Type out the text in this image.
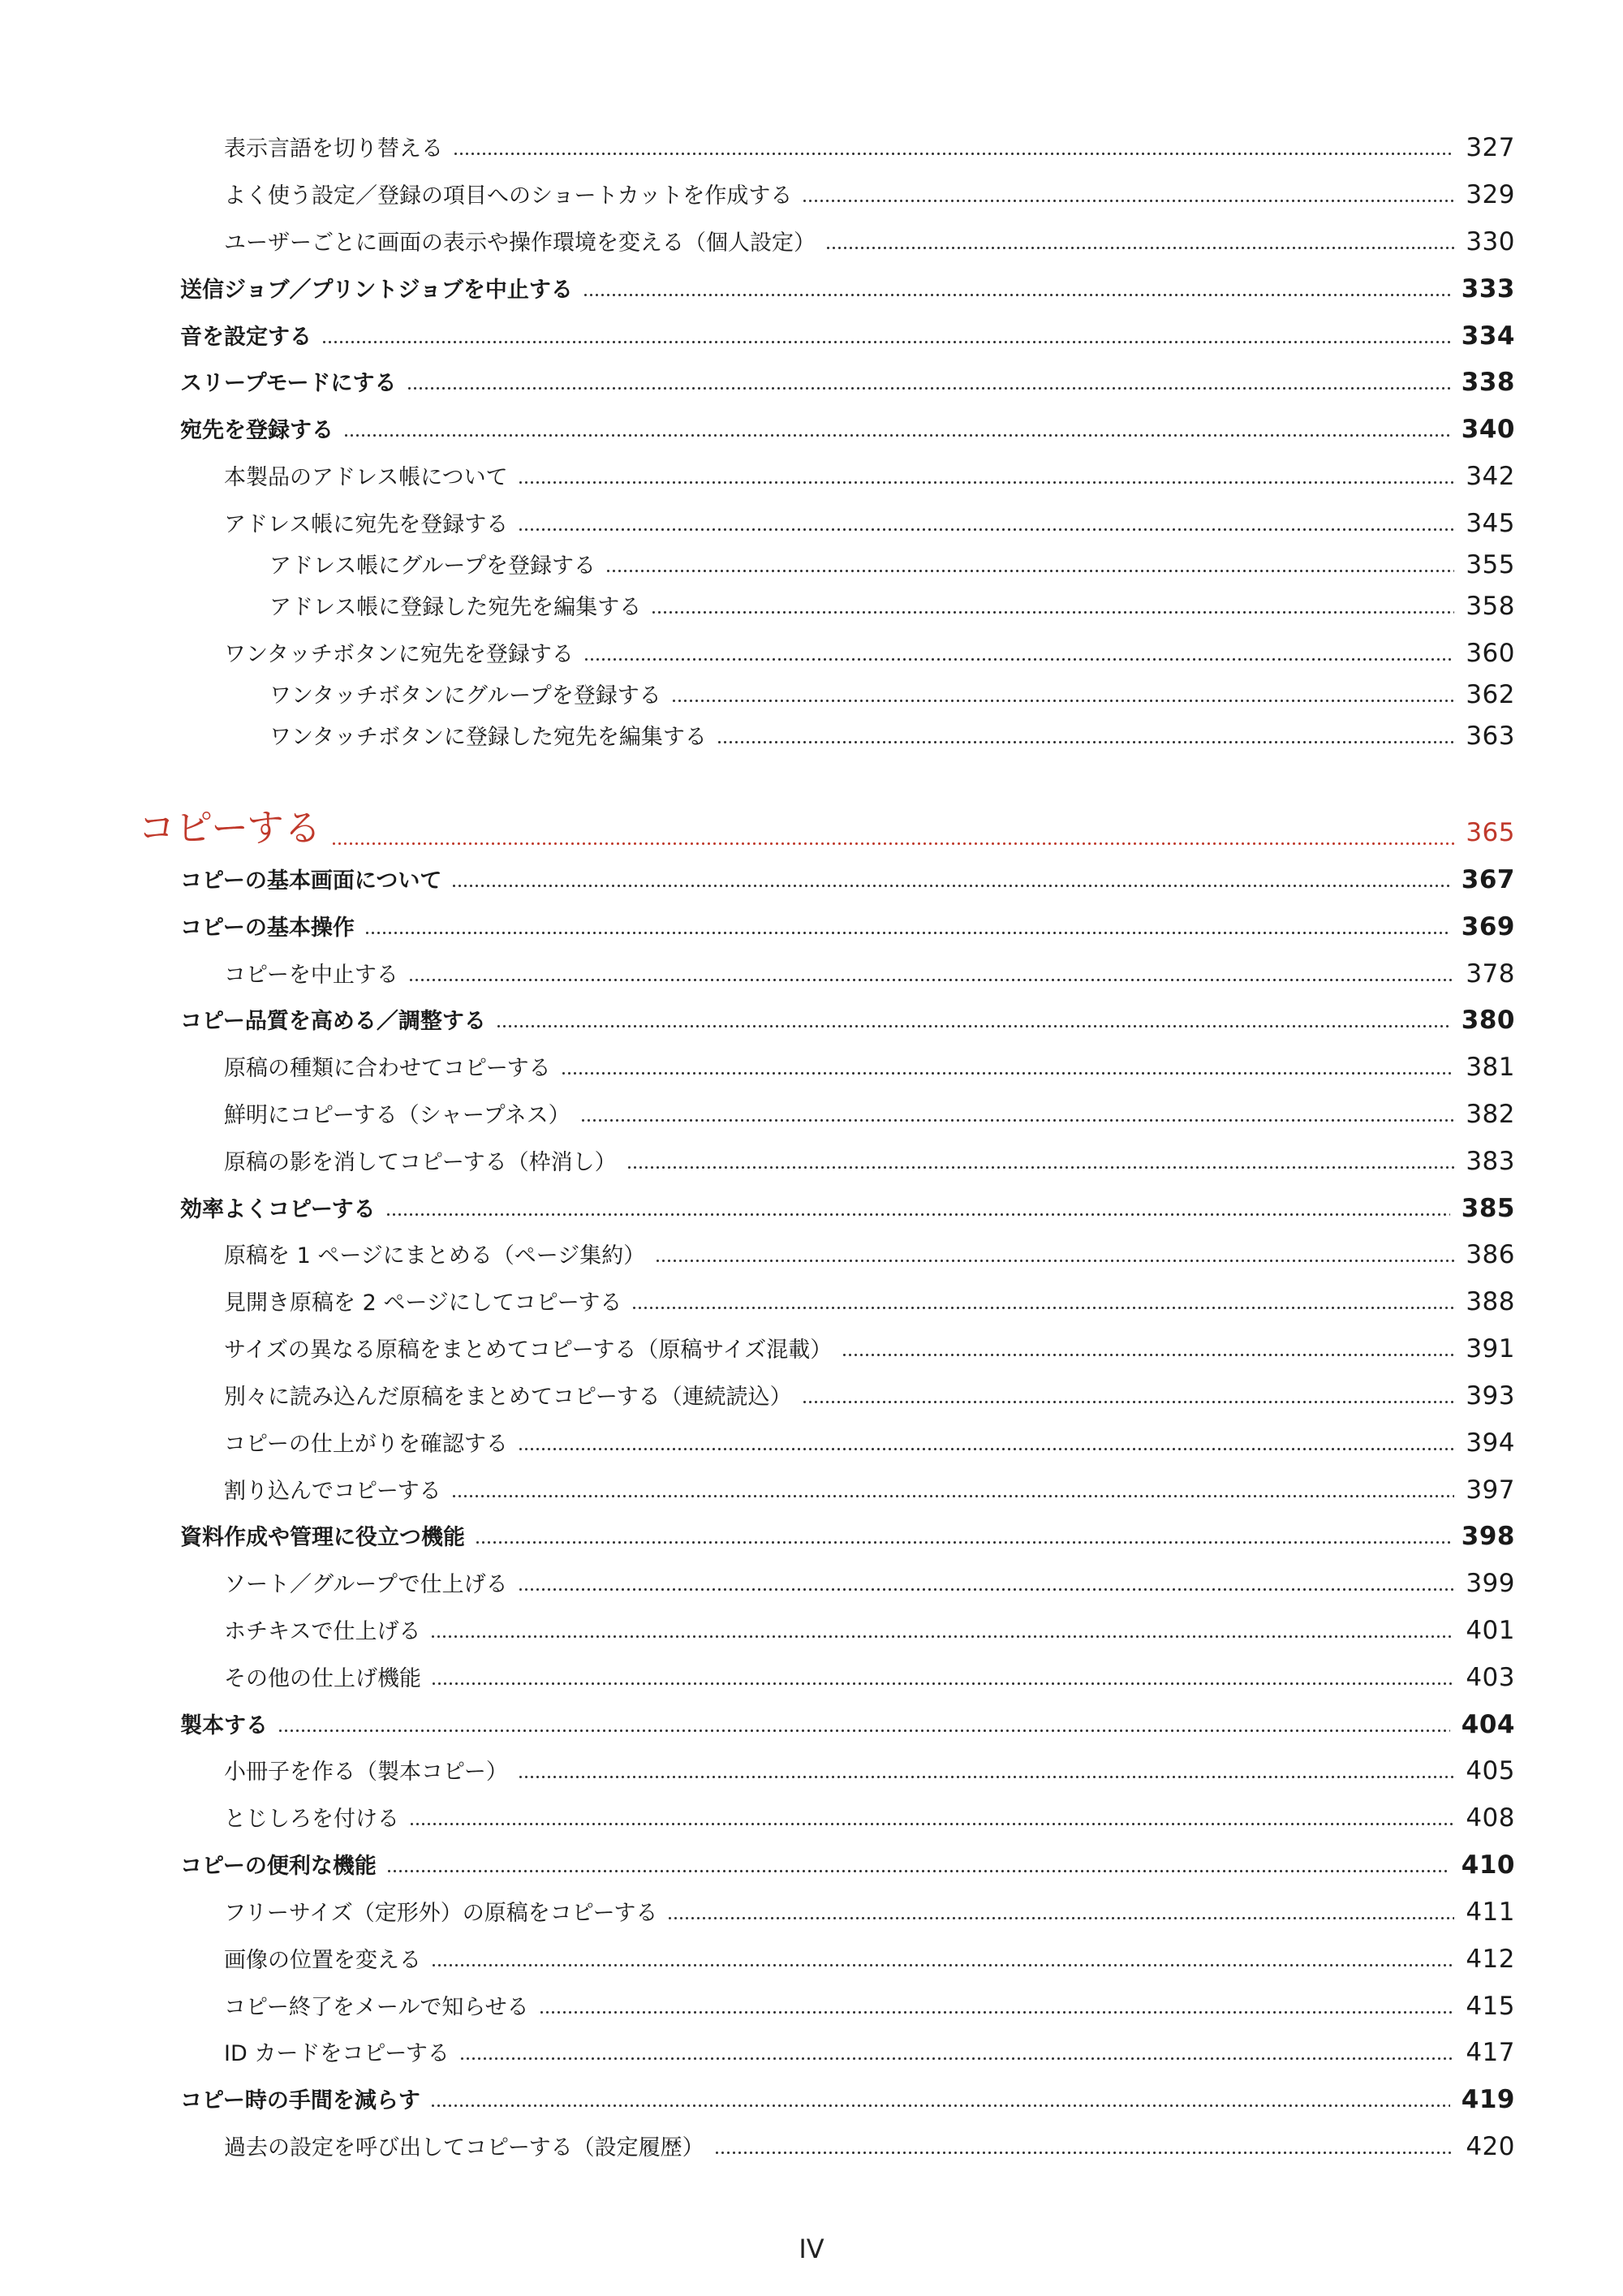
表示言語を切り替える	327
よく使う設定／登録の項目へのショートカットを作成する	329
ユーザーごとに画面の表示や操作環境を変える（個人設定）	330
送信ジョブ／プリントジョブを中止する	333
音を設定する	334
スリープモードにする	338
宛先を登録する	340
本製品のアドレス帳について	342
アドレス帳に宛先を登録する	345
アドレス帳にグループを登録する	355
アドレス帳に登録した宛先を編集する	358
ワンタッチボタンに宛先を登録する	360
ワンタッチボタンにグループを登録する	362
ワンタッチボタンに登録した宛先を編集する	363
コピーする	365
コピーの基本画面について	367
コピーの基本操作	369
コピーを中止する	378
コピー品質を高める／調整する	380
原稿の種類に合わせてコピーする	381
鮮明にコピーする（シャープネス）	382
原稿の影を消してコピーする（枠消し）	383
効率よくコピーする	385
原稿を 1 ページにまとめる（ページ集約）	386
見開き原稿を 2 ページにしてコピーする	388
サイズの異なる原稿をまとめてコピーする（原稿サイズ混載）	391
別々に読み込んだ原稿をまとめてコピーする（連続読込）	393
コピーの仕上がりを確認する	394
割り込んでコピーする	397
資料作成や管理に役立つ機能	398
ソート／グループで仕上げる	399
ホチキスで仕上げる	401
その他の仕上げ機能	403
製本する	404
小冊子を作る（製本コピー）	405
とじしろを付ける	408
コピーの便利な機能	410
フリーサイズ（定形外）の原稿をコピーする	411
画像の位置を変える	412
コピー終了をメールで知らせる	415
ID カードをコピーする	417
コピー時の手間を減らす	419
過去の設定を呼び出してコピーする（設定履歴）	420
IV
